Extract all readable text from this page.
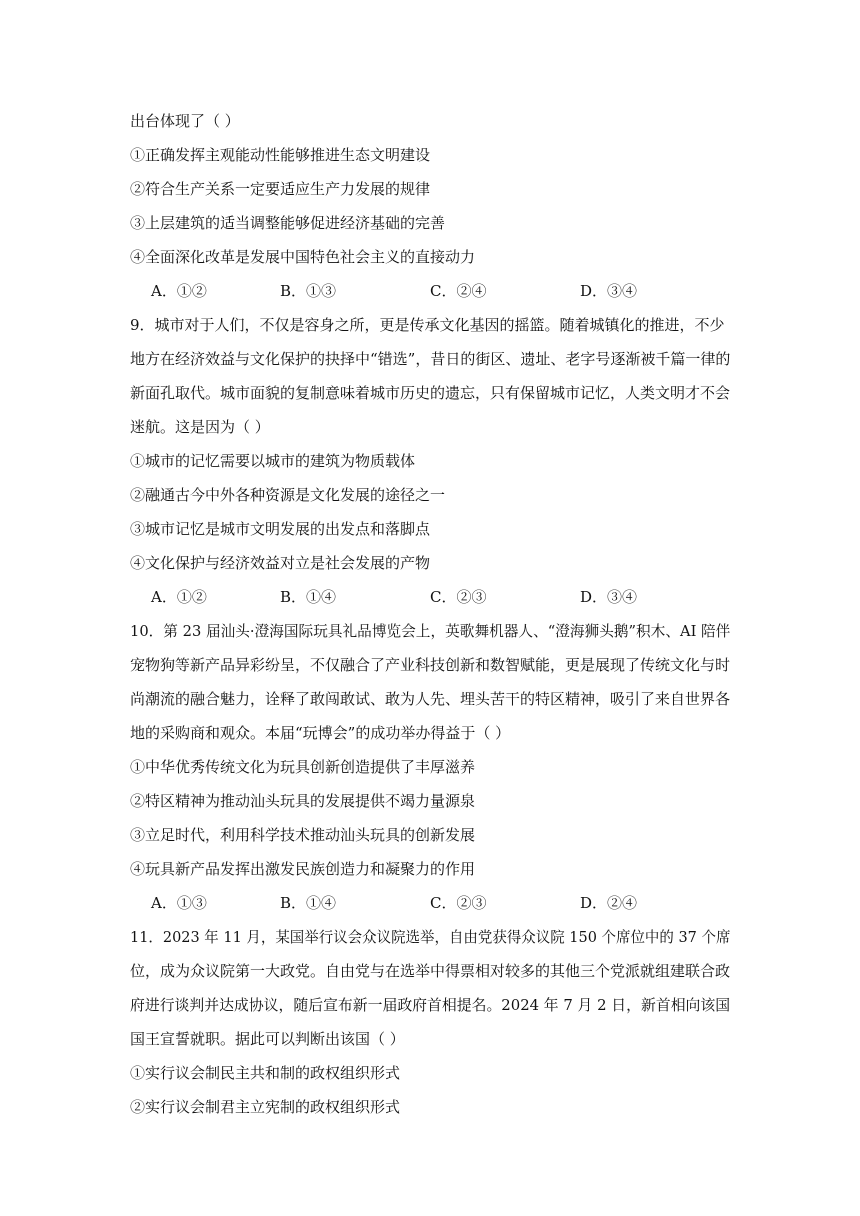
出台体现了（ ）
①正确发挥主观能动性能够推进生态文明建设
②符合生产关系一定要适应生产力发展的规律
③上层建筑的适当调整能够促进经济基础的完善
④全面深化改革是发展中国特色社会主义的直接动力
A．①②	B．①③	C．②④	D．③④
9．城市对于人们，不仅是容身之所，更是传承文化基因的摇篮。随着城镇化的推进，不少
地方在经济效益与文化保护的抉择中“错选”，昔日的街区、遗址、老字号逐渐被千篇一律的
新面孔取代。城市面貌的复制意味着城市历史的遗忘，只有保留城市记忆，人类文明才不会
迷航。这是因为（ ）
①城市的记忆需要以城市的建筑为物质载体
②融通古今中外各种资源是文化发展的途径之一
③城市记忆是城市文明发展的出发点和落脚点
④文化保护与经济效益对立是社会发展的产物
A．①②	B．①④	C．②③	D．③④
10．第 23 届汕头·澄海国际玩具礼品博览会上，英歌舞机器人、“澄海狮头鹅”积木、AI 陪伴
宠物狗等新产品异彩纷呈，不仅融合了产业科技创新和数智赋能，更是展现了传统文化与时
尚潮流的融合魅力，诠释了敢闯敢试、敢为人先、埋头苦干的特区精神，吸引了来自世界各
地的采购商和观众。本届“玩博会”的成功举办得益于（ ）
①中华优秀传统文化为玩具创新创造提供了丰厚滋养
②特区精神为推动汕头玩具的发展提供不竭力量源泉
③立足时代，利用科学技术推动汕头玩具的创新发展
④玩具新产品发挥出激发民族创造力和凝聚力的作用
A．①③	B．①④	C．②③	D．②④
11．2023 年 11 月，某国举行议会众议院选举，自由党获得众议院 150 个席位中的 37 个席
位，成为众议院第一大政党。自由党与在选举中得票相对较多的其他三个党派就组建联合政
府进行谈判并达成协议，随后宣布新一届政府首相提名。2024 年 7 月 2 日，新首相向该国
国王宣誓就职。据此可以判断出该国（ ）
①实行议会制民主共和制的政权组织形式
②实行议会制君主立宪制的政权组织形式
